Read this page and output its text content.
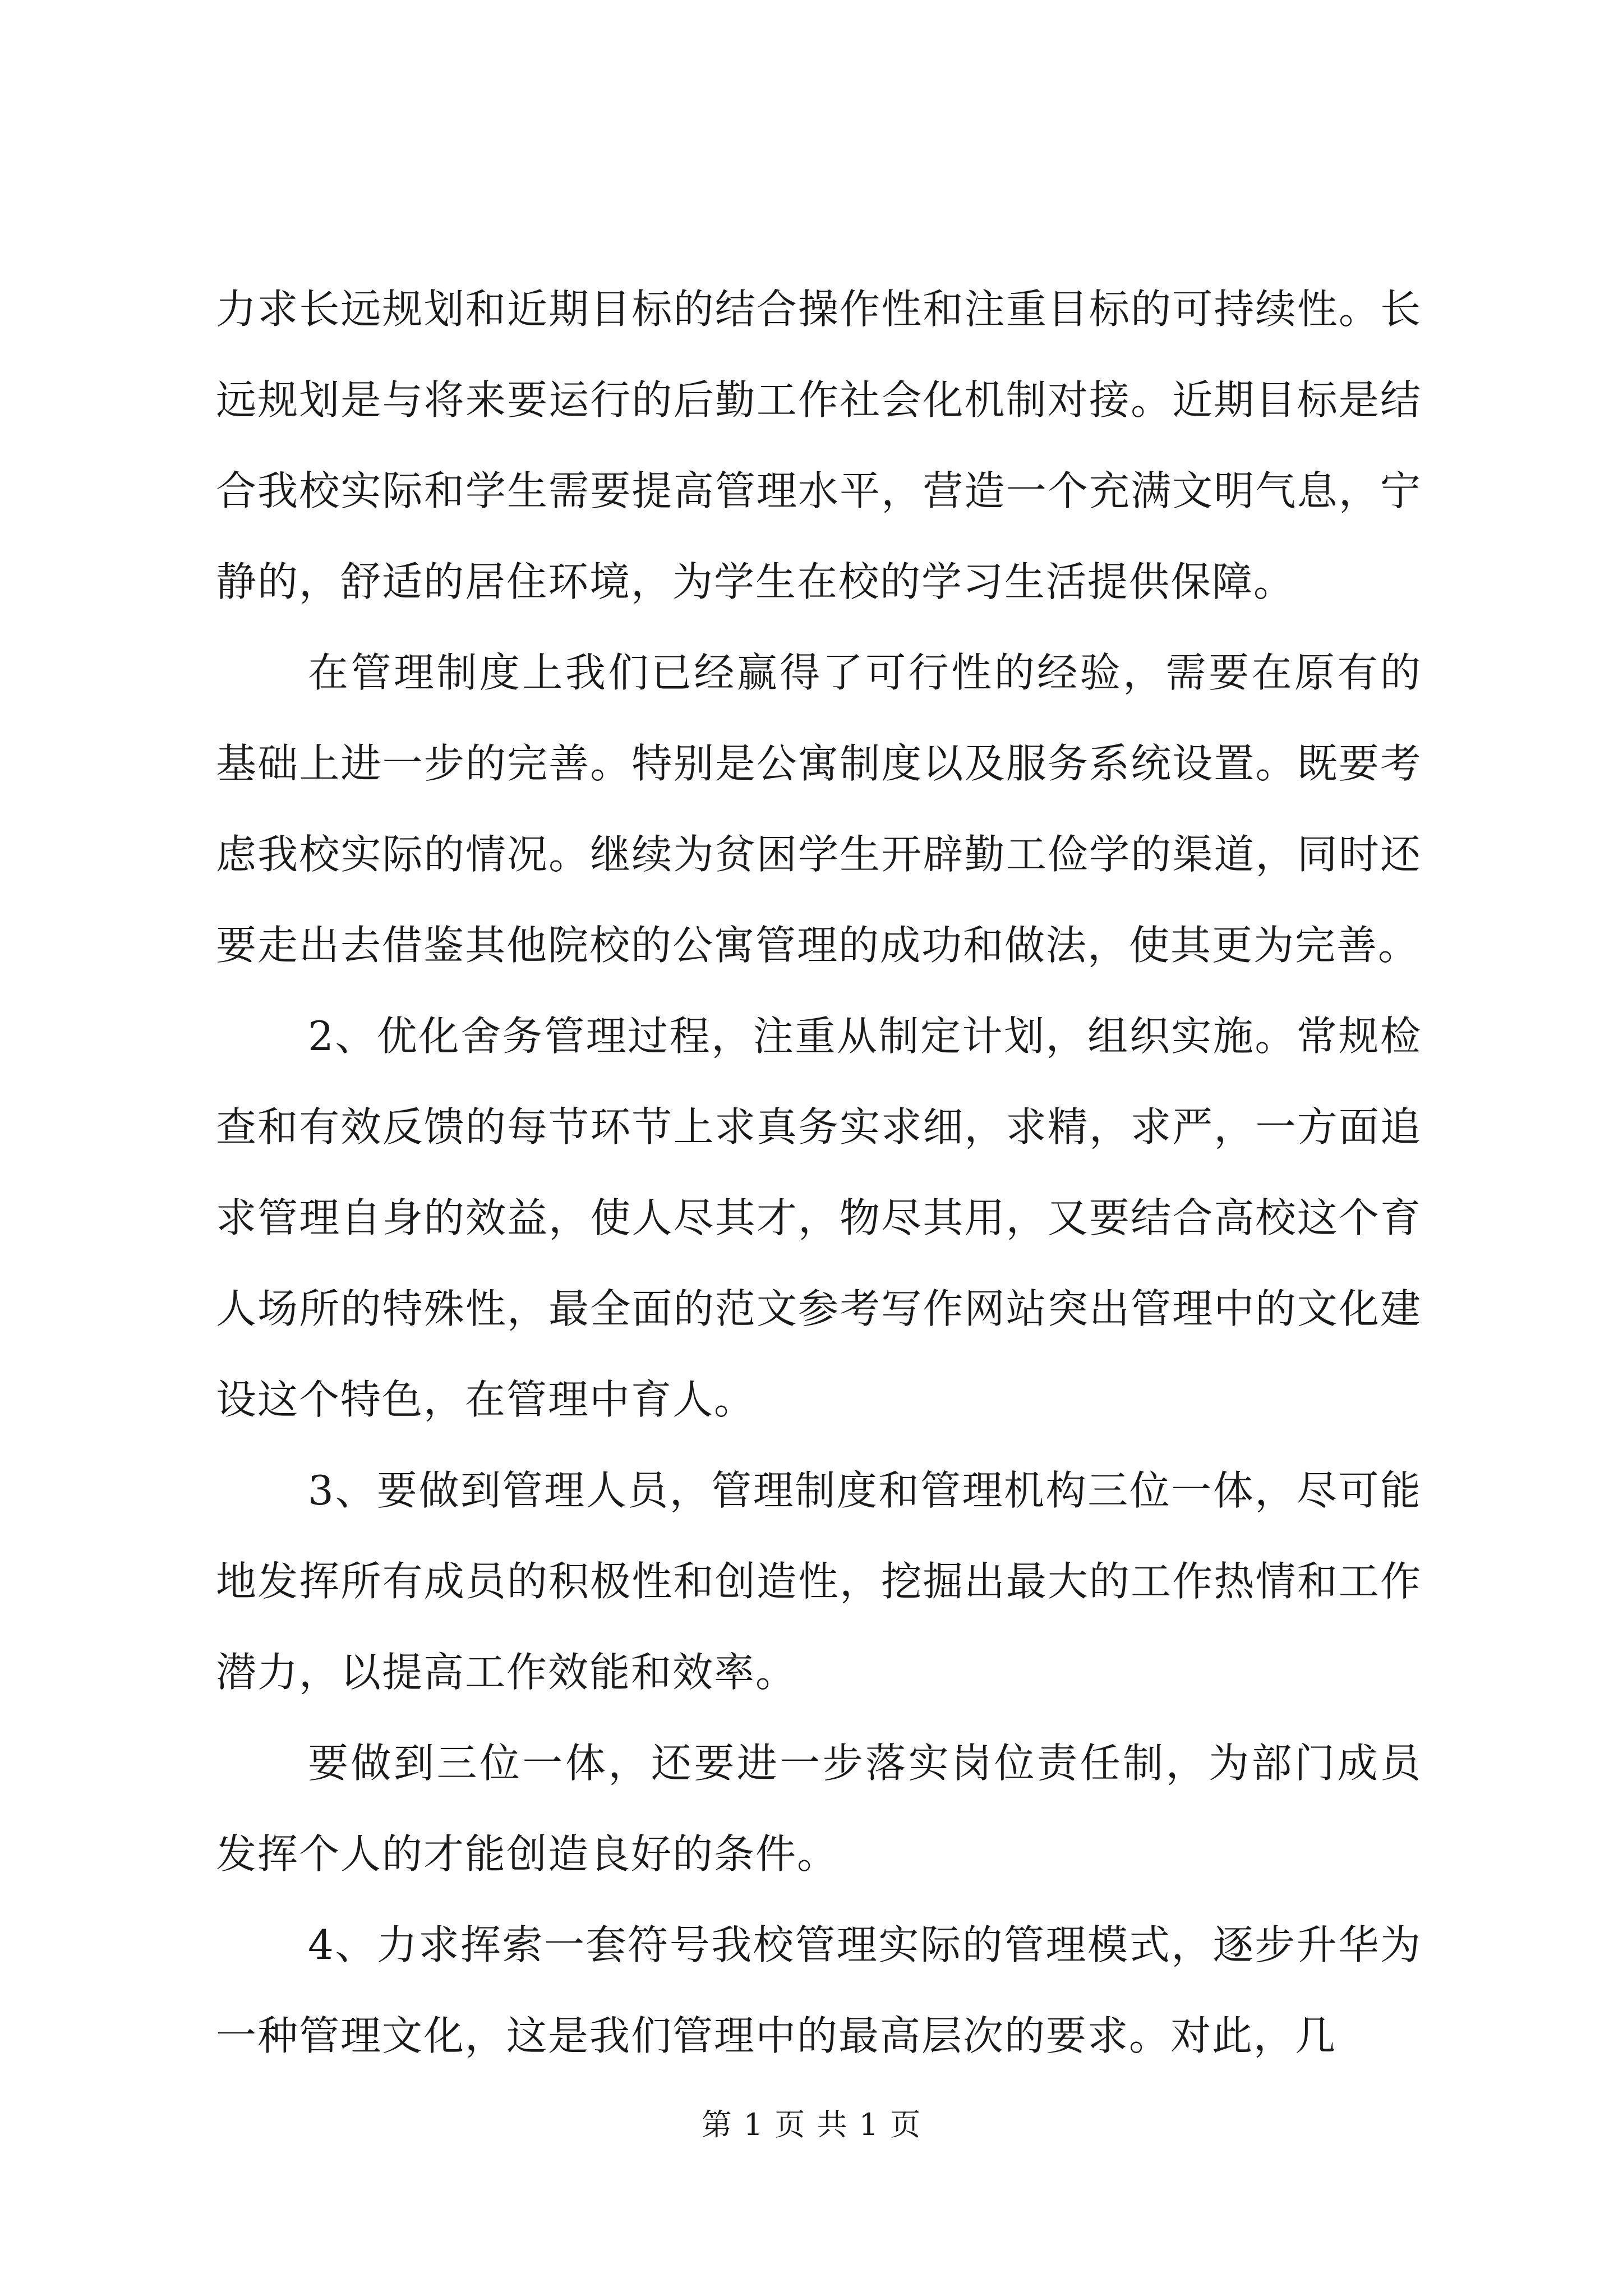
力求长远规划和近期目标的结合操作性和注重目标的可持续性。长远规划是与将来要运行的后勤工作社会化机制对接。近期目标是结合我校实际和学生需要提高管理水平，营造一个充满文明气息，宁静的，舒适的居住环境，为学生在校的学习生活提供保障。

在管理制度上我们已经赢得了可行性的经验，需要在原有的基础上进一步的完善。特别是公寓制度以及服务系统设置。既要考虑我校实际的情况。继续为贫困学生开辟勤工俭学的渠道，同时还要走出去借鉴其他院校的公寓管理的成功和做法，使其更为完善。

2、优化舍务管理过程，注重从制定计划，组织实施。常规检查和有效反馈的每节环节上求真务实求细，求精，求严，一方面追求管理自身的效益，使人尽其才，物尽其用，又要结合高校这个育人场所的特殊性，最全面的范文参考写作网站突出管理中的文化建设这个特色，在管理中育人。

3、要做到管理人员，管理制度和管理机构三位一体，尽可能地发挥所有成员的积极性和创造性，挖掘出最大的工作热情和工作潜力，以提高工作效能和效率。

要做到三位一体，还要进一步落实岗位责任制，为部门成员发挥个人的才能创造良好的条件。

4、力求挥索一套符号我校管理实际的管理模式，逐步升华为一种管理文化，这是我们管理中的最高层次的要求。对此，几

第 1 页 共 1 页
